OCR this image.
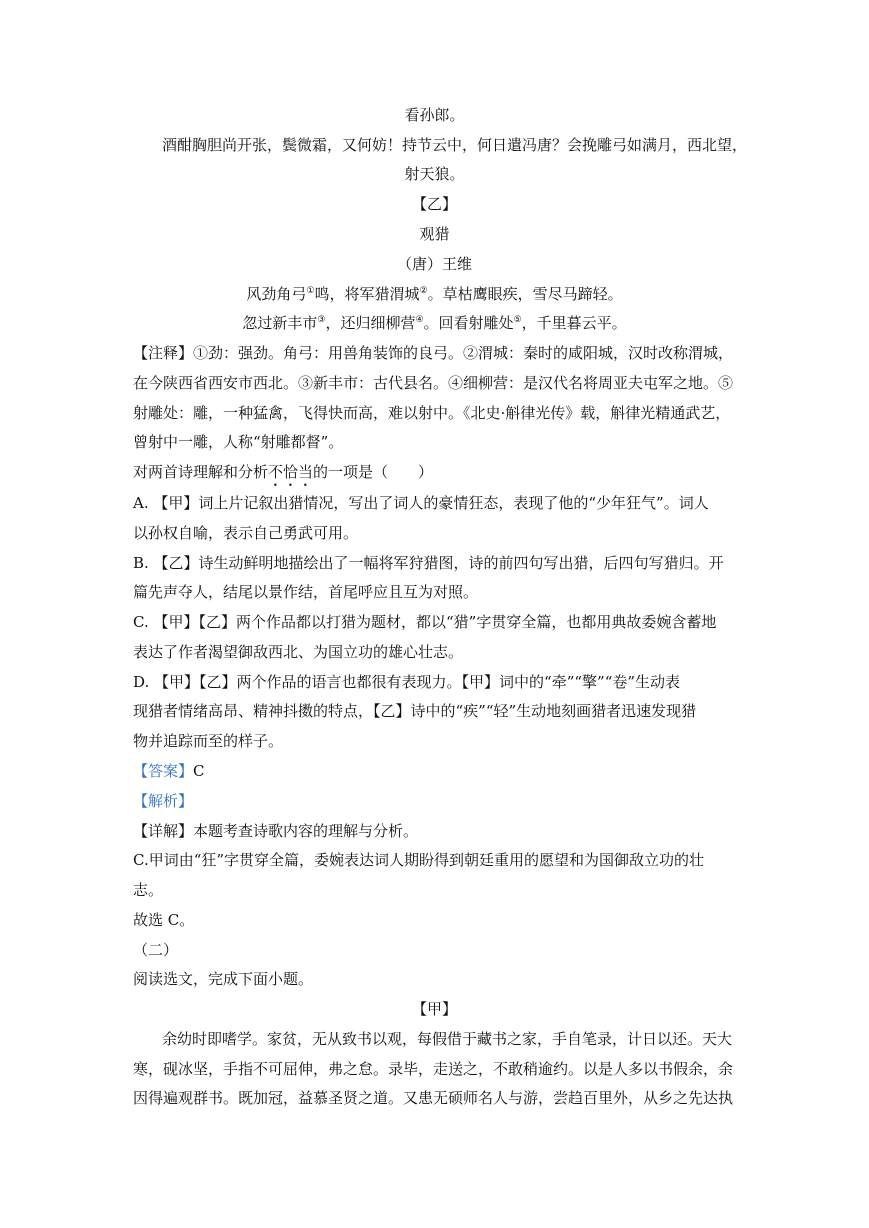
看孙郎。
酒酣胸胆尚开张，鬓微霜，又何妨！持节云中，何日遣冯唐？会挽雕弓如满月，西北望，
射天狼。
【乙】
观猎
（唐）王维
风劲角弓①鸣，将军猎渭城②。草枯鹰眼疾，雪尽马蹄轻。
忽过新丰市③，还归细柳营④。回看射雕处⑤，千里暮云平。
【注释】①劲：强劲。角弓：用兽角装饰的良弓。②渭城：秦时的咸阳城，汉时改称渭城，
在今陕西省西安市西北。③新丰市：古代县名。④细柳营：是汉代名将周亚夫屯军之地。⑤
射雕处：雕，一种猛禽，飞得快而高，难以射中。《北史·斛律光传》载，斛律光精通武艺，
曾射中一雕，人称“射雕都督”。
对两首诗理解和分析不恰当的一项是（　　）
A. 【甲】词上片记叙出猎情况，写出了词人的豪情狂态，表现了他的“少年狂气”。词人
以孙权自喻，表示自己勇武可用。
B. 【乙】诗生动鲜明地描绘出了一幅将军狩猎图，诗的前四句写出猎，后四句写猎归。开
篇先声夺人，结尾以景作结，首尾呼应且互为对照。
C. 【甲】【乙】两个作品都以打猎为题材，都以“猎”字贯穿全篇，也都用典故委婉含蓄地
表达了作者渴望御敌西北、为国立功的雄心壮志。
D. 【甲】【乙】两个作品的语言也都很有表现力。【甲】词中的“牵”“擎”“卷”生动表
现猎者情绪高昂、精神抖擞的特点，【乙】诗中的“疾”“轻”生动地刻画猎者迅速发现猎
物并追踪而至的样子。
【答案】C
【解析】
【详解】本题考查诗歌内容的理解与分析。
C.甲词由“狂”字贯穿全篇，委婉表达词人期盼得到朝廷重用的愿望和为国御敌立功的壮
志。
故选 C。
（二）
阅读选文，完成下面小题。
【甲】
余幼时即嗜学。家贫，无从致书以观，每假借于藏书之家，手自笔录，计日以还。天大
寒，砚冰坚，手指不可屈伸，弗之怠。录毕，走送之，不敢稍逾约。以是人多以书假余，余
因得遍观群书。既加冠，益慕圣贤之道。又患无硕师名人与游，尝趋百里外，从乡之先达执
